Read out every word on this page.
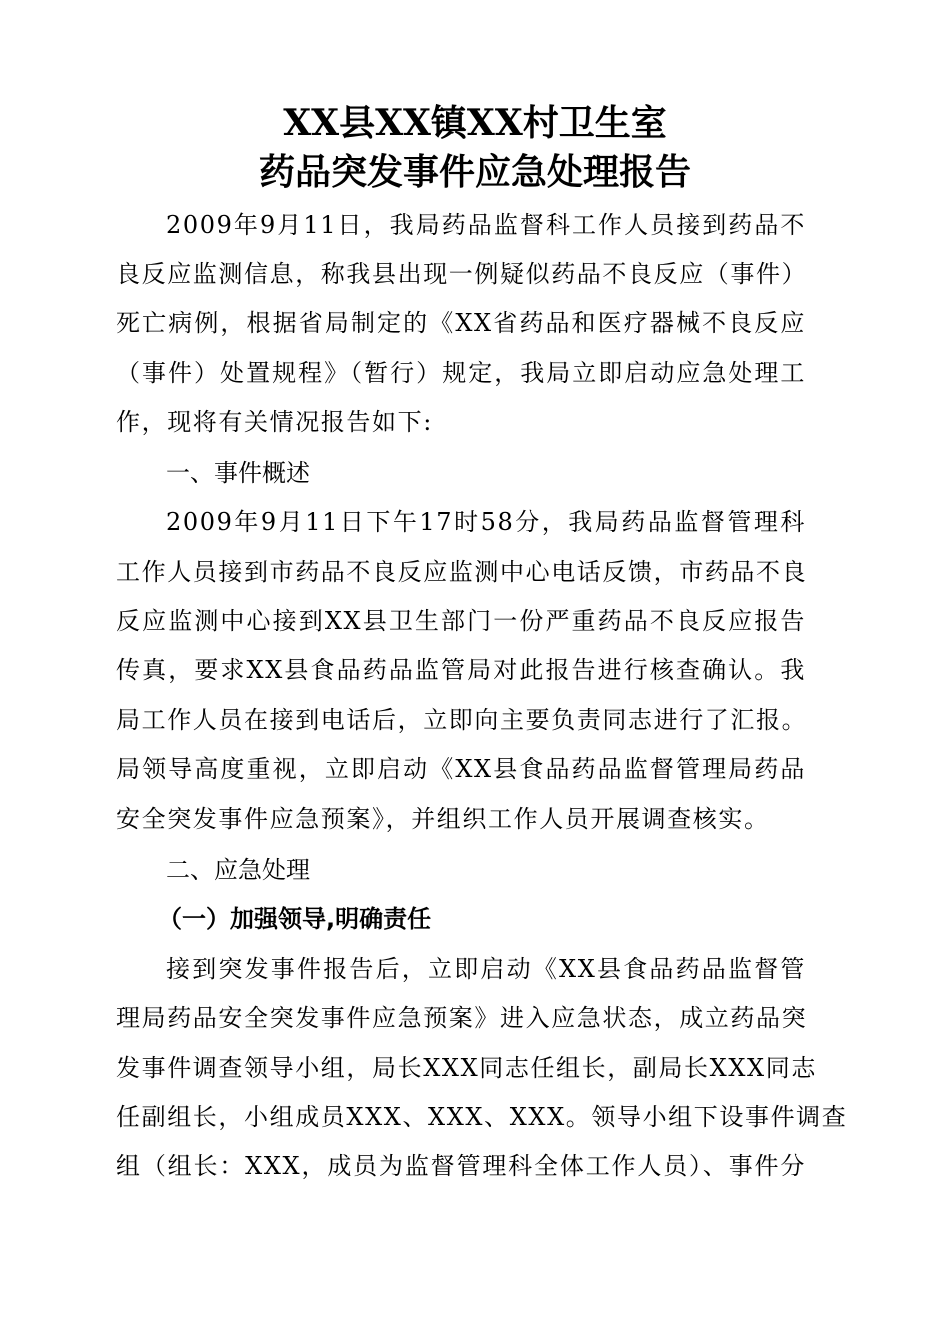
XX县XX镇XX村卫生室
药品突发事件应急处理报告
2009年9月11日，我局药品监督科工作人员接到药品不
良反应监测信息，称我县出现一例疑似药品不良反应（事件）
死亡病例，根据省局制定的《XX省药品和医疗器械不良反应
（事件）处置规程》（暂行）规定，我局立即启动应急处理工
作，现将有关情况报告如下:
一、事件概述
2009年9月11日下午17时58分，我局药品监督管理科
工作人员接到市药品不良反应监测中心电话反馈，市药品不良
反应监测中心接到XX县卫生部门一份严重药品不良反应报告
传真，要求XX县食品药品监管局对此报告进行核查确认。我
局工作人员在接到电话后，立即向主要负责同志进行了汇报。
局领导高度重视，立即启动《XX县食品药品监督管理局药品
安全突发事件应急预案》，并组织工作人员开展调查核实。
二、应急处理
（一）加强领导,明确责任
接到突发事件报告后，立即启动《XX县食品药品监督管
理局药品安全突发事件应急预案》进入应急状态，成立药品突
发事件调查领导小组，局长XXX同志任组长，副局长XXX同志
任副组长，小组成员XXX、XXX、XXX。领导小组下设事件调查
组（组长：XXX，成员为监督管理科全体工作人员）、事件分
